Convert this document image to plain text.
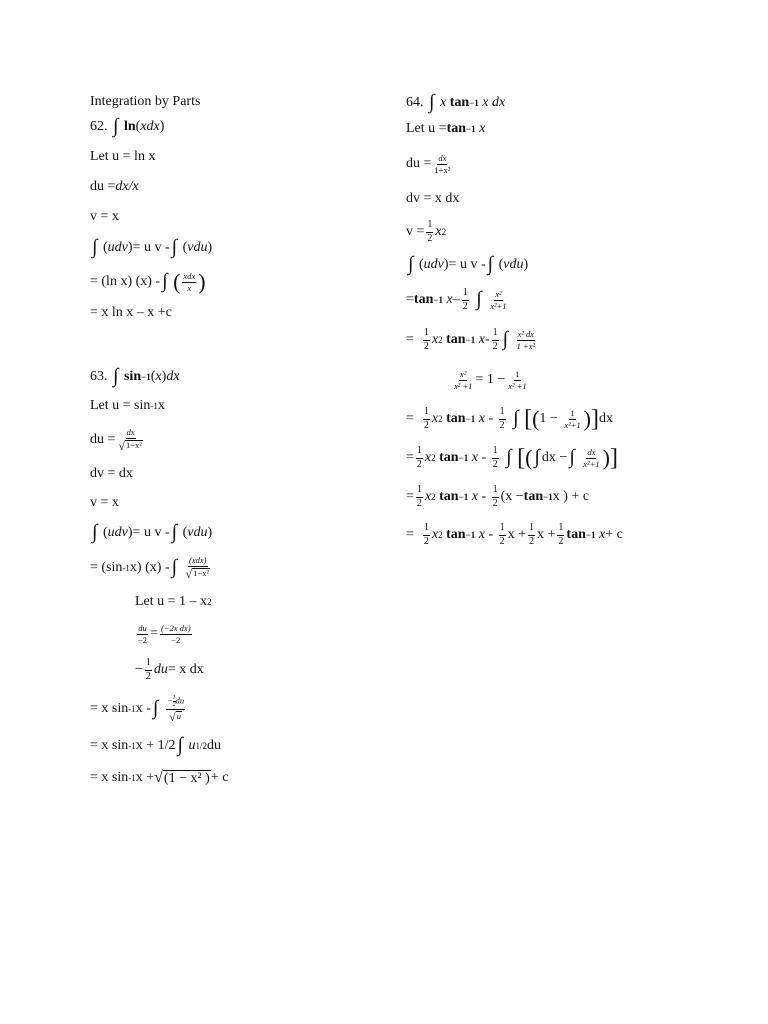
Integration by Parts
62.
∫
ln ( xdx )
Let u = ln x
du = dx/x
v = x
∫ ( udv ) = u v - ∫ ( vdu )
= (ln x) (x) - ∫
( $\frac{\text{xdx}}{x}$ )
= x ln x – x +c
63.
∫
sin −1 ( x ) dx
Let u = sin -1 x
du = $\frac{dx}{\text{√ 1−x²}}$
dv = dx
v = x
∫ ( udv ) = u v - ∫ ( vdu )
= (sin -1 x) (x) - ∫
$\frac{\text{(xdx)}}{\text{√ 1−x²}}$
Let u = 1 – x 2
$\frac{du}{-2} = \frac{\text{(−2x dx)}}{-2}$
− $\frac{1}{2}$ du = x dx
= x sin -1 x - ∫
$\frac{- \frac{1}{2} du}{√ u}$
= x sin -1 x + 1/2 ∫
u 1/2 du
= x sin -1 x + √ (1 − x² ) + c
64.
∫
x
tan −1
x dx
Let u = tan −1
x
du = $\frac{dx}{\text{1+x²}}$
dv = x dx
$v = \frac{1}{2}$ x 2
∫ ( udv ) = u v - ∫ ( vdu )
= tan −1
x – $\frac{1}{2}$
∫
$\frac{\text{x²}}{\text{x²+1}}$
= $\frac{1}{2}$ x 2
tan −1
x - $\frac{1}{2}$ ∫
$\frac{\text{x² dx}}{\text{1 +x²}}$
$\frac{\text{x²}}{\text{x² +1}} = 1 - \frac{1}{\text{x² +1}}$
= $\frac{1}{2}$ x 2
tan −1
x - $\frac{1}{2}$
∫
[ ( $1 - \frac{1}{\text{x²+1}}$ ) ] dx
= $\frac{1}{2}$ x 2
tan −1
x - $\frac{1}{2}$
∫
[ ( ∫ dx − ∫
$\frac{dx}{\text{x²+1}}$ ) ]
= $\frac{1}{2}$ x 2
tan −1
$x - \frac{1}{2} (x - \tan -1$ x ) + c
= $\frac{1}{2}$ x 2
tan −1
x - $\frac{1}{2}$ $x + \frac{1}{2}$ $x + \frac{1}{2}$ tan −1
x + c
